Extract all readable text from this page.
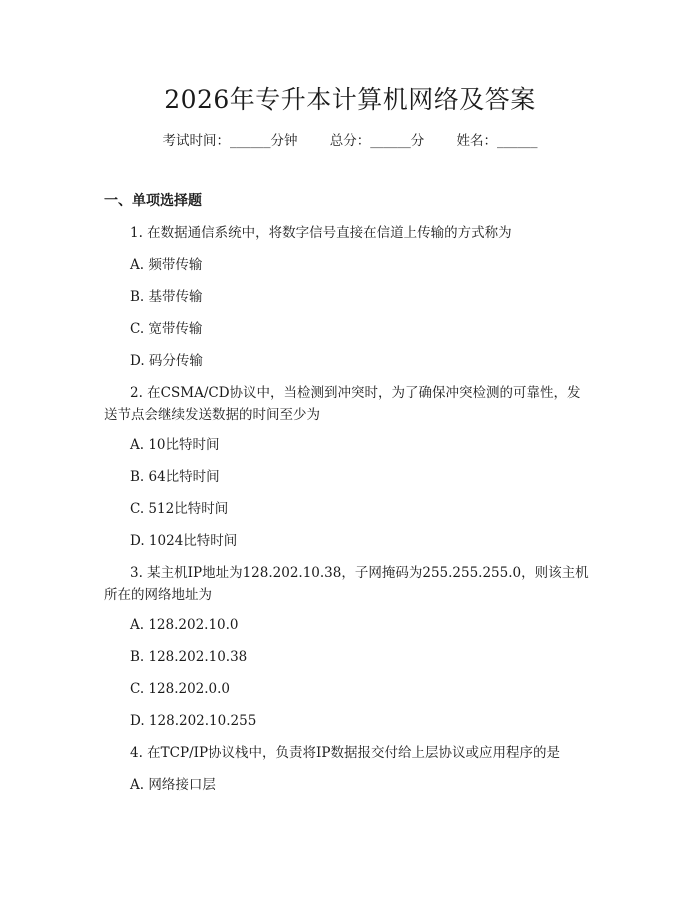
2026年专升本计算机网络及答案
考试时间：______分钟 总分：______分 姓名：______
一、单项选择题
1. 在数据通信系统中，将数字信号直接在信道上传输的方式称为
A. 频带传输
B. 基带传输
C. 宽带传输
D. 码分传输
2. 在CSMA/CD协议中，当检测到冲突时，为了确保冲突检测的可靠性，发送节点会继续发送数据的时间至少为
A. 10比特时间
B. 64比特时间
C. 512比特时间
D. 1024比特时间
3. 某主机IP地址为128.202.10.38，子网掩码为255.255.255.0，则该主机所在的网络地址为
A. 128.202.10.0
B. 128.202.10.38
C. 128.202.0.0
D. 128.202.10.255
4. 在TCP/IP协议栈中，负责将IP数据报交付给上层协议或应用程序的是
A. 网络接口层
